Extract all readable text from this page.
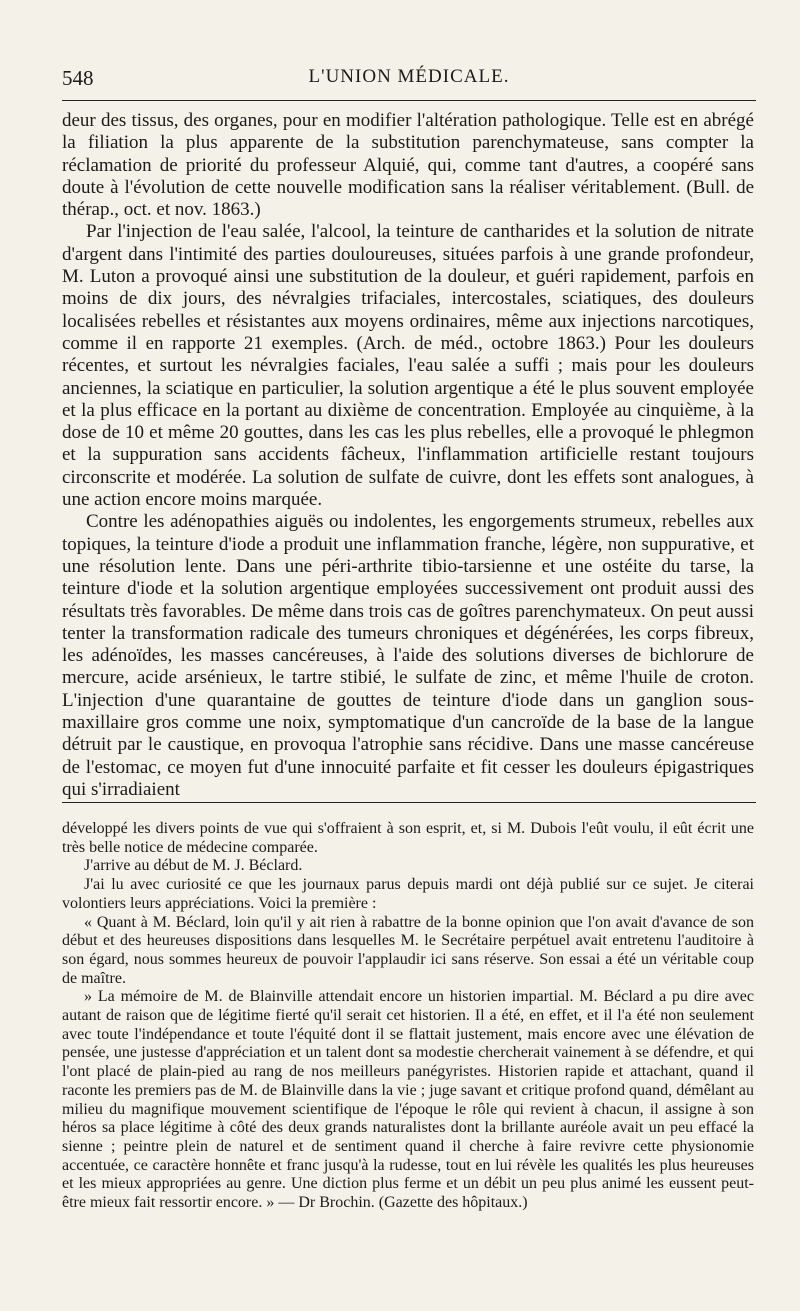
548	L'UNION MÉDICALE.

deur des tissus, des organes, pour en modifier l'altération pathologique. Telle est en abrégé la filiation la plus apparente de la substitution parenchymateuse, sans compter la réclamation de priorité du professeur Alquié, qui, comme tant d'autres, a coopéré sans doute à l'évolution de cette nouvelle modification sans la réaliser véritablement. (Bull. de thérap., oct. et nov. 1863.)

Par l'injection de l'eau salée, l'alcool, la teinture de cantharides et la solution de nitrate d'argent dans l'intimité des parties douloureuses, situées parfois à une grande profondeur, M. Luton a provoqué ainsi une substitution de la douleur, et guéri rapidement, parfois en moins de dix jours, des névralgies trifaciales, intercostales, sciatiques, des douleurs localisées rebelles et résistantes aux moyens ordinaires, même aux injections narcotiques, comme il en rapporte 21 exemples. (Arch. de méd., octobre 1863.) Pour les douleurs récentes, et surtout les névralgies faciales, l'eau salée a suffi ; mais pour les douleurs anciennes, la sciatique en particulier, la solution argentique a été le plus souvent employée et la plus efficace en la portant au dixième de concentration. Employée au cinquième, à la dose de 10 et même 20 gouttes, dans les cas les plus rebelles, elle a provoqué le phlegmon et la suppuration sans accidents fâcheux, l'inflammation artificielle restant toujours circonscrite et modérée. La solution de sulfate de cuivre, dont les effets sont analogues, à une action encore moins marquée.

Contre les adénopathies aiguës ou indolentes, les engorgements strumeux, rebelles aux topiques, la teinture d'iode a produit une inflammation franche, légère, non suppurative, et une résolution lente. Dans une péri-arthrite tibio-tarsienne et une ostéite du tarse, la teinture d'iode et la solution argentique employées successivement ont produit aussi des résultats très favorables. De même dans trois cas de goîtres parenchymateux. On peut aussi tenter la transformation radicale des tumeurs chroniques et dégénérées, les corps fibreux, les adénoïdes, les masses cancéreuses, à l'aide des solutions diverses de bichlorure de mercure, acide arsénieux, le tartre stibié, le sulfate de zinc, et même l'huile de croton. L'injection d'une quarantaine de gouttes de teinture d'iode dans un ganglion sous-maxillaire gros comme une noix, symptomatique d'un cancroïde de la base de la langue détruit par le caustique, en provoqua l'atrophie sans récidive. Dans une masse cancéreuse de l'estomac, ce moyen fut d'une innocuité parfaite et fit cesser les douleurs épigastriques qui s'irradiaient

développé les divers points de vue qui s'offraient à son esprit, et, si M. Dubois l'eût voulu, il eût écrit une très belle notice de médecine comparée.

J'arrive au début de M. J. Béclard.

J'ai lu avec curiosité ce que les journaux parus depuis mardi ont déjà publié sur ce sujet. Je citerai volontiers leurs appréciations. Voici la première :

« Quant à M. Béclard, loin qu'il y ait rien à rabattre de la bonne opinion que l'on avait d'avance de son début et des heureuses dispositions dans lesquelles M. le Secrétaire perpétuel avait entretenu l'auditoire à son égard, nous sommes heureux de pouvoir l'applaudir ici sans réserve. Son essai a été un véritable coup de maître.

» La mémoire de M. de Blainville attendait encore un historien impartial. M. Béclard a pu dire avec autant de raison que de légitime fierté qu'il serait cet historien. Il a été, en effet, et il l'a été non seulement avec toute l'indépendance et toute l'équité dont il se flattait justement, mais encore avec une élévation de pensée, une justesse d'appréciation et un talent dont sa modestie chercherait vainement à se défendre, et qui l'ont placé de plain-pied au rang de nos meilleurs panégyristes. Historien rapide et attachant, quand il raconte les premiers pas de M. de Blainville dans la vie ; juge savant et critique profond quand, démêlant au milieu du magnifique mouvement scientifique de l'époque le rôle qui revient à chacun, il assigne à son héros sa place légitime à côté des deux grands naturalistes dont la brillante auréole avait un peu effacé la sienne ; peintre plein de naturel et de sentiment quand il cherche à faire revivre cette physionomie accentuée, ce caractère honnête et franc jusqu'à la rudesse, tout en lui révèle les qualités les plus heureuses et les mieux appropriées au genre. Une diction plus ferme et un débit un peu plus animé les eussent peut-être mieux fait ressortir encore. » — Dr Brochin. (Gazette des hôpitaux.)
